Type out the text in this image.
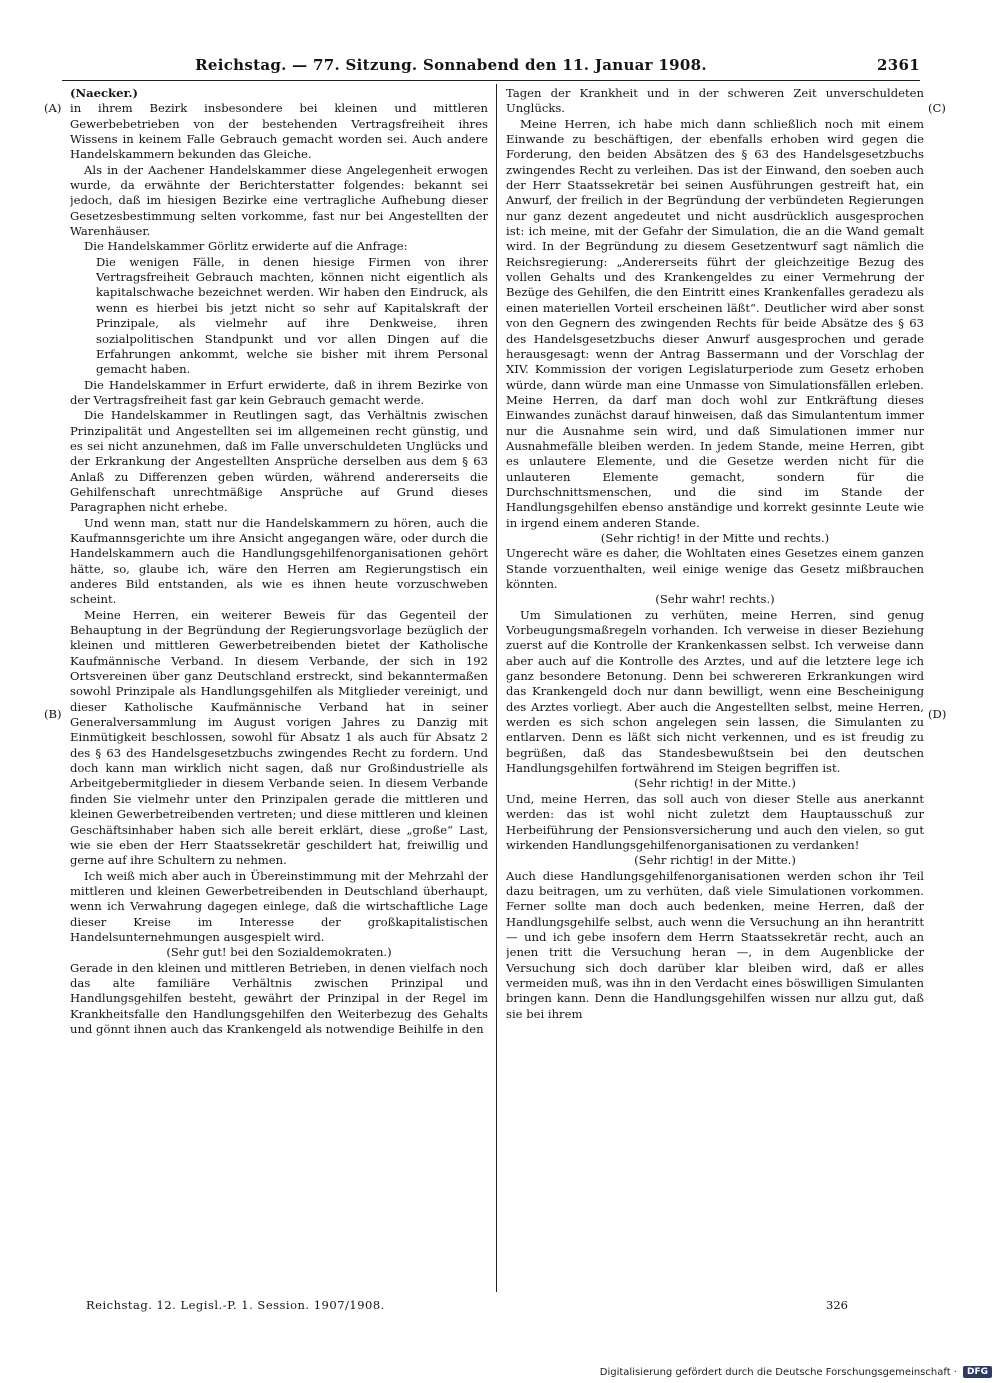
Reichstag. — 77. Sitzung. Sonnabend den 11. Januar 1908.	2361
(A)
(B)
(C)
(D)

(Naecker.)

in ihrem Bezirk insbesondere bei kleinen und mittleren Gewerbebetrieben von der bestehenden Vertragsfreiheit ihres Wissens in keinem Falle Gebrauch gemacht worden sei. Auch andere Handelskammern bekunden das Gleiche.

Als in der Aachener Handelskammer diese Angelegenheit erwogen wurde, da erwähnte der Berichterstatter folgendes: bekannt sei jedoch, daß im hiesigen Bezirke eine vertragliche Aufhebung dieser Gesetzesbestimmung selten vorkomme, fast nur bei Angestellten der Warenhäuser.

Die Handelskammer Görlitz erwiderte auf die Anfrage:

Die wenigen Fälle, in denen hiesige Firmen von ihrer Vertragsfreiheit Gebrauch machten, können nicht eigentlich als kapitalschwache bezeichnet werden. Wir haben den Eindruck, als wenn es hierbei bis jetzt nicht so sehr auf Kapitalskraft der Prinzipale, als vielmehr auf ihre Denkweise, ihren sozialpolitischen Standpunkt und vor allen Dingen auf die Erfahrungen ankommt, welche sie bisher mit ihrem Personal gemacht haben.

Die Handelskammer in Erfurt erwiderte, daß in ihrem Bezirke von der Vertragsfreiheit fast gar kein Gebrauch gemacht werde.

Die Handelskammer in Reutlingen sagt, das Verhältnis zwischen Prinzipalität und Angestellten sei im allgemeinen recht günstig, und es sei nicht anzunehmen, daß im Falle unverschuldeten Unglücks und der Erkrankung der Angestellten Ansprüche derselben aus dem § 63 Anlaß zu Differenzen geben würden, während andererseits die Gehilfenschaft unrechtmäßige Ansprüche auf Grund dieses Paragraphen nicht erhebe.

Und wenn man, statt nur die Handelskammern zu hören, auch die Kaufmannsgerichte um ihre Ansicht angegangen wäre, oder durch die Handelskammern auch die Handlungsgehilfenorganisationen gehört hätte, so, glaube ich, wäre den Herren am Regierungstisch ein anderes Bild entstanden, als wie es ihnen heute vorzuschweben scheint.

Meine Herren, ein weiterer Beweis für das Gegenteil der Behauptung in der Begründung der Regierungsvorlage bezüglich der kleinen und mittleren Gewerbetreibenden bietet der Katholische Kaufmännische Verband. In diesem Verbande, der sich in 192 Ortsvereinen über ganz Deutschland erstreckt, sind bekanntermaßen sowohl Prinzipale als Handlungsgehilfen als Mitglieder vereinigt, und dieser Katholische Kaufmännische Verband hat in seiner Generalversammlung im August vorigen Jahres zu Danzig mit Einmütigkeit beschlossen, sowohl für Absatz 1 als auch für Absatz 2 des § 63 des Handelsgesetzbuchs zwingendes Recht zu fordern. Und doch kann man wirklich nicht sagen, daß nur Großindustrielle als Arbeitgebermitglieder in diesem Verbande seien. In diesem Verbande finden Sie vielmehr unter den Prinzipalen gerade die mittleren und kleinen Gewerbetreibenden vertreten; und diese mittleren und kleinen Geschäftsinhaber haben sich alle bereit erklärt, diese „große“ Last, wie sie eben der Herr Staatssekretär geschildert hat, freiwillig und gerne auf ihre Schultern zu nehmen.

Ich weiß mich aber auch in Übereinstimmung mit der Mehrzahl der mittleren und kleinen Gewerbetreibenden in Deutschland überhaupt, wenn ich Verwahrung dagegen einlege, daß die wirtschaftliche Lage dieser Kreise im Interesse der großkapitalistischen Handelsunternehmungen ausgespielt wird.

(Sehr gut! bei den Sozialdemokraten.)

Gerade in den kleinen und mittleren Betrieben, in denen vielfach noch das alte familiäre Verhältnis zwischen Prinzipal und Handlungsgehilfen besteht, gewährt der Prinzipal in der Regel im Krankheitsfalle den Handlungsgehilfen den Weiterbezug des Gehalts und gönnt ihnen auch das Krankengeld als notwendige Beihilfe in den

Tagen der Krankheit und in der schweren Zeit unverschuldeten Unglücks.

Meine Herren, ich habe mich dann schließlich noch mit einem Einwande zu beschäftigen, der ebenfalls erhoben wird gegen die Forderung, den beiden Absätzen des § 63 des Handelsgesetzbuchs zwingendes Recht zu verleihen. Das ist der Einwand, den soeben auch der Herr Staatssekretär bei seinen Ausführungen gestreift hat, ein Anwurf, der freilich in der Begründung der verbündeten Regierungen nur ganz dezent angedeutet und nicht ausdrücklich ausgesprochen ist: ich meine, mit der Gefahr der Simulation, die an die Wand gemalt wird. In der Begründung zu diesem Gesetzentwurf sagt nämlich die Reichsregierung: „Andererseits führt der gleichzeitige Bezug des vollen Gehalts und des Krankengeldes zu einer Vermehrung der Bezüge des Gehilfen, die den Eintritt eines Krankenfalles geradezu als einen materiellen Vorteil erscheinen läßt“. Deutlicher wird aber sonst von den Gegnern des zwingenden Rechts für beide Absätze des § 63 des Handelsgesetzbuchs dieser Anwurf ausgesprochen und gerade herausgesagt: wenn der Antrag Bassermann und der Vorschlag der XIV. Kommission der vorigen Legislaturperiode zum Gesetz erhoben würde, dann würde man eine Unmasse von Simulationsfällen erleben. Meine Herren, da darf man doch wohl zur Entkräftung dieses Einwandes zunächst darauf hinweisen, daß das Simulantentum immer nur die Ausnahme sein wird, und daß Simulationen immer nur Ausnahmefälle bleiben werden. In jedem Stande, meine Herren, gibt es unlautere Elemente, und die Gesetze werden nicht für die unlauteren Elemente gemacht, sondern für die Durchschnittsmenschen, und die sind im Stande der Handlungsgehilfen ebenso anständige und korrekt gesinnte Leute wie in irgend einem anderen Stande.

(Sehr richtig! in der Mitte und rechts.)

Ungerecht wäre es daher, die Wohltaten eines Gesetzes einem ganzen Stande vorzuenthalten, weil einige wenige das Gesetz mißbrauchen könnten.

(Sehr wahr! rechts.)

Um Simulationen zu verhüten, meine Herren, sind genug Vorbeugungsmaßregeln vorhanden. Ich verweise in dieser Beziehung zuerst auf die Kontrolle der Krankenkassen selbst. Ich verweise dann aber auch auf die Kontrolle des Arztes, und auf die letztere lege ich ganz besondere Betonung. Denn bei schwereren Erkrankungen wird das Krankengeld doch nur dann bewilligt, wenn eine Bescheinigung des Arztes vorliegt. Aber auch die Angestellten selbst, meine Herren, werden es sich schon angelegen sein lassen, die Simulanten zu entlarven. Denn es läßt sich nicht verkennen, und es ist freudig zu begrüßen, daß das Standesbewußtsein bei den deutschen Handlungsgehilfen fortwährend im Steigen begriffen ist.

(Sehr richtig! in der Mitte.)

Und, meine Herren, das soll auch von dieser Stelle aus anerkannt werden: das ist wohl nicht zuletzt dem Hauptausschuß zur Herbeiführung der Pensionsversicherung und auch den vielen, so gut wirkenden Handlungsgehilfenorganisationen zu verdanken!

(Sehr richtig! in der Mitte.)

Auch diese Handlungsgehilfenorganisationen werden schon ihr Teil dazu beitragen, um zu verhüten, daß viele Simulationen vorkommen. Ferner sollte man doch auch bedenken, meine Herren, daß der Handlungsgehilfe selbst, auch wenn die Versuchung an ihn herantritt — und ich gebe insofern dem Herrn Staatssekretär recht, auch an jenen tritt die Versuchung heran —, in dem Augenblicke der Versuchung sich doch darüber klar bleiben wird, daß er alles vermeiden muß, was ihn in den Verdacht eines böswilligen Simulanten bringen kann. Denn die Handlungsgehilfen wissen nur allzu gut, daß sie bei ihrem

Reichstag. 12. Legisl.-P. 1. Session. 1907/1908.	326
Digitalisierung gefördert durch die Deutsche Forschungsgemeinschaft ·	DFG
